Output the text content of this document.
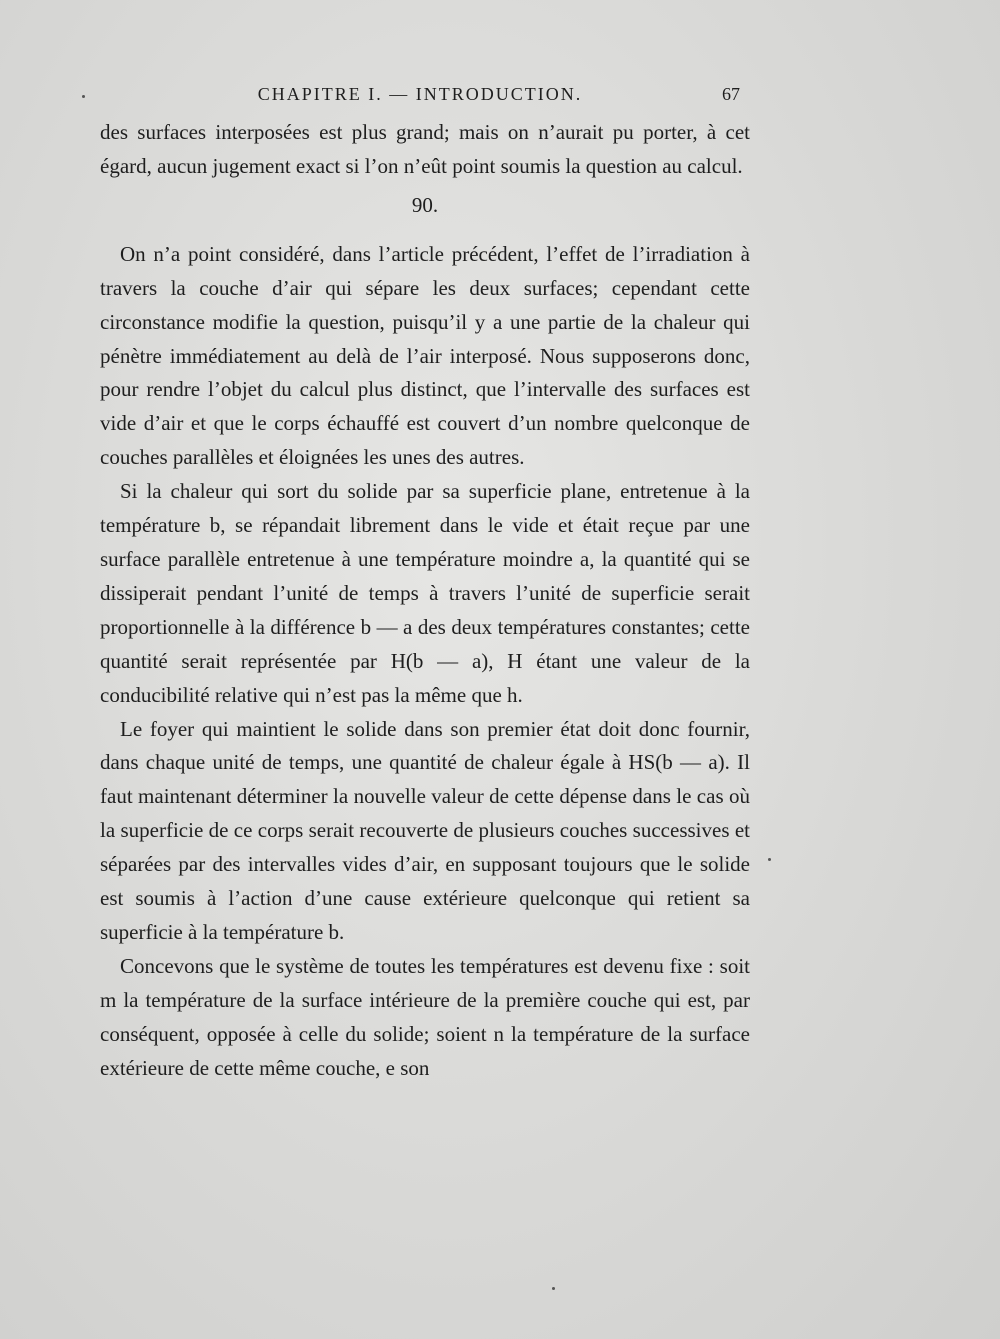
CHAPITRE I. — INTRODUCTION.	67

des surfaces interposées est plus grand; mais on n’aurait pu porter, à cet égard, aucun jugement exact si l’on n’eût point soumis la question au calcul.

90.

On n’a point considéré, dans l’article précédent, l’effet de l’irradiation à travers la couche d’air qui sépare les deux surfaces; cependant cette circonstance modifie la question, puisqu’il y a une partie de la chaleur qui pénètre immédiatement au delà de l’air interposé. Nous supposerons donc, pour rendre l’objet du calcul plus distinct, que l’intervalle des surfaces est vide d’air et que le corps échauffé est couvert d’un nombre quelconque de couches parallèles et éloignées les unes des autres.

Si la chaleur qui sort du solide par sa superficie plane, entretenue à la température b, se répandait librement dans le vide et était reçue par une surface parallèle entretenue à une température moindre a, la quantité qui se dissiperait pendant l’unité de temps à travers l’unité de superficie serait proportionnelle à la différence b — a des deux températures constantes; cette quantité serait représentée par H(b — a), H étant une valeur de la conducibilité relative qui n’est pas la même que h.

Le foyer qui maintient le solide dans son premier état doit donc fournir, dans chaque unité de temps, une quantité de chaleur égale à HS(b — a). Il faut maintenant déterminer la nouvelle valeur de cette dépense dans le cas où la superficie de ce corps serait recouverte de plusieurs couches successives et séparées par des intervalles vides d’air, en supposant toujours que le solide est soumis à l’action d’une cause extérieure quelconque qui retient sa superficie à la température b.

Concevons que le système de toutes les températures est devenu fixe : soit m la température de la surface intérieure de la première couche qui est, par conséquent, opposée à celle du solide; soient n la température de la surface extérieure de cette même couche, e son
